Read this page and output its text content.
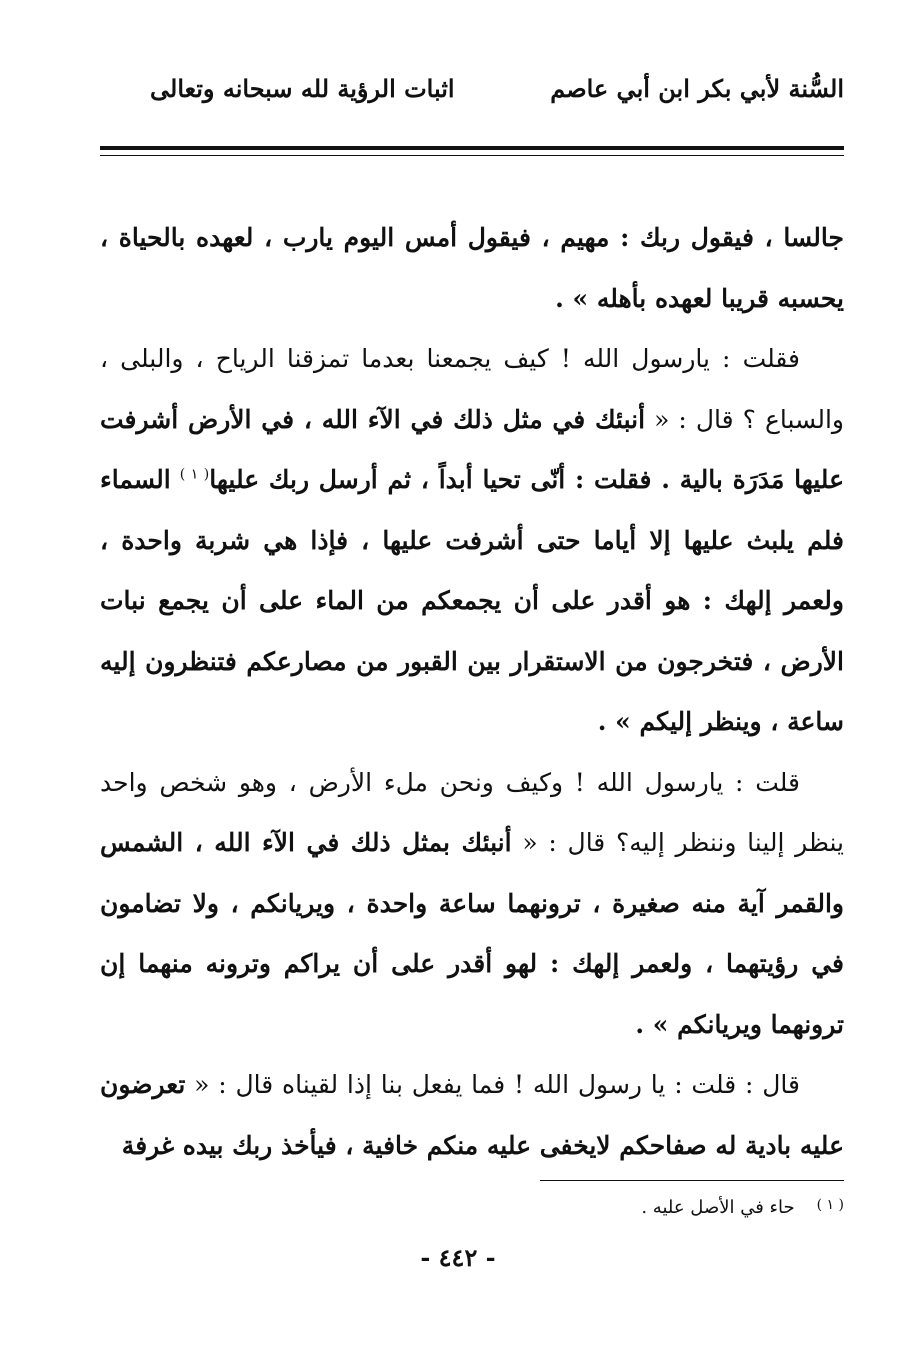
السُّنة لأبي بكر ابن أبي عاصم
اثبات الرؤية لله سبحانه وتعالى

جالسا ، فيقول ربك : مهيم ، فيقول أمس اليوم يارب ، لعهده بالحياة ، يحسبه قريبا لعهده بأهله » .

فقلت : يارسول الله ! كيف يجمعنا بعدما تمزقنا الرياح ، والبلى ، والسباع ؟ قال : « أنبئك في مثل ذلك في الآء الله ، في الأرض أشرفت عليها مَدَرَة بالية . فقلت : أنّى تحيا أبداً ، ثم أرسل ربك عليها$^{( ١ )}$ السماء فلم يلبث عليها إلا أياما حتى أشرفت عليها ، فإذا هي شربة واحدة ، ولعمر إلهك : هو أقدر على أن يجمعكم من الماء على أن يجمع نبات الأرض ، فتخرجون من الاستقرار بين القبور من مصارعكم فتنظرون إليه ساعة ، وينظر إليكم » .

قلت : يارسول الله ! وكيف ونحن ملء الأرض ، وهو شخص واحد ينظر إلينا وننظر إليه؟ قال : « أنبئك بمثل ذلك في الآء الله ، الشمس والقمر آية منه صغيرة ، ترونهما ساعة واحدة ، ويريانكم ، ولا تضامون في رؤيتهما ، ولعمر إلهك : لهو أقدر على أن يراكم وترونه منهما إن ترونهما ويريانكم » .

قال : قلت : يا رسول الله ! فما يفعل بنا إذا لقيناه قال : « تعرضون عليه بادية له صفاحكم لايخفى عليه منكم خافية ، فيأخذ ربك بيده غرفة

$^{( ١ )}$حاء في الأصل عليه .
- ٤٤٢ -
